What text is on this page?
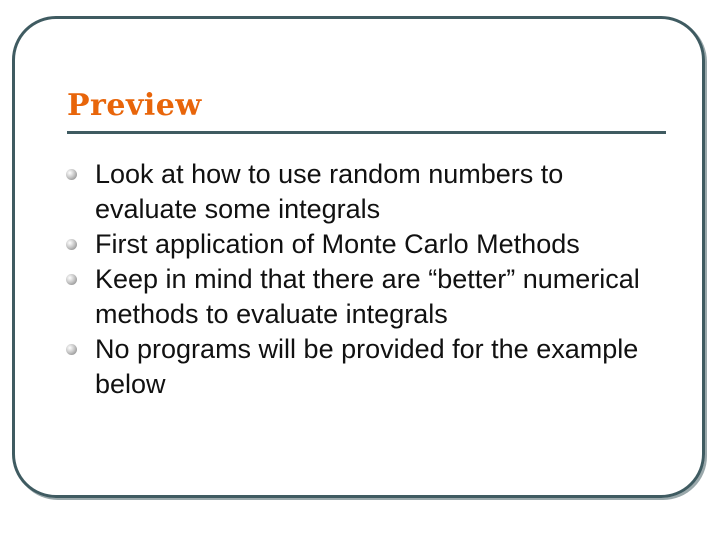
Preview
Look at how to use random numbers to evaluate some integrals
First application of Monte Carlo Methods
Keep in mind that there are “better” numerical methods to evaluate integrals
No programs will be provided for the example below
